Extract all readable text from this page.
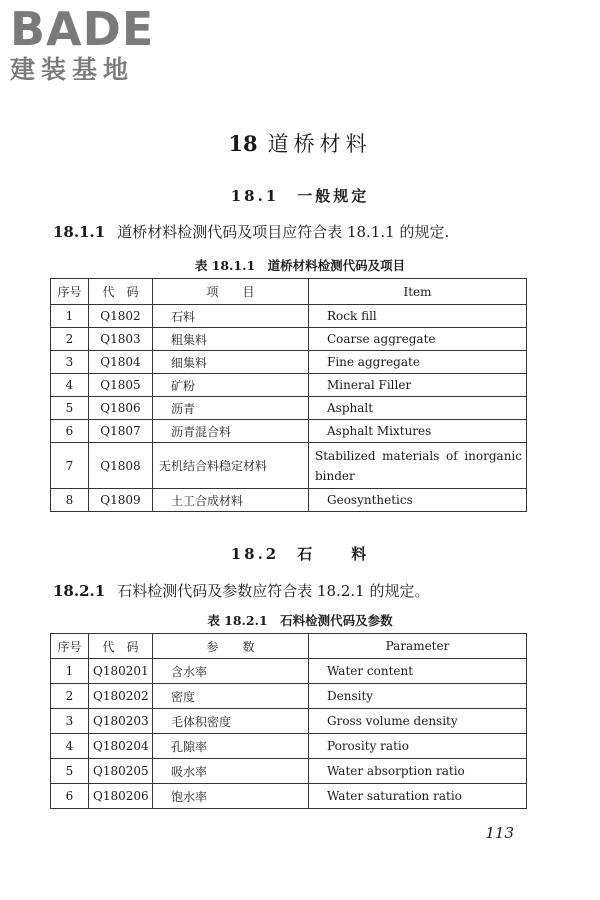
BADE
建装基地
18 道桥材料
18.1　 一般规定
18.1.1 道桥材料检测代码及项目应符合表 18.1.1 的规定.
表 18.1.1　道桥材料检测代码及项目
序号	代　码	项　　目	Item
1	Q1802	石料	Rock fill
2	Q1803	粗集料	Coarse aggregate
3	Q1804	细集料	Fine aggregate
4	Q1805	矿粉	Mineral Filler
5	Q1806	沥青	Asphalt
6	Q1807	沥青混合料	Asphalt Mixtures
7	Q1808	无机结合料稳定材料	Stabilized materials of inorganic binder
8	Q1809	土工合成材料	Geosynthetics
18.2　 石　　料
18.2.1 石料检测代码及参数应符合表 18.2.1 的规定。
表 18.2.1　石料检测代码及参数
序号	代　码	参　　数	Parameter
1	Q180201	含水率	Water content
2	Q180202	密度	Density
3	Q180203	毛体积密度	Gross volume density
4	Q180204	孔隙率	Porosity ratio
5	Q180205	吸水率	Water absorption ratio
6	Q180206	饱水率	Water saturation ratio
113
